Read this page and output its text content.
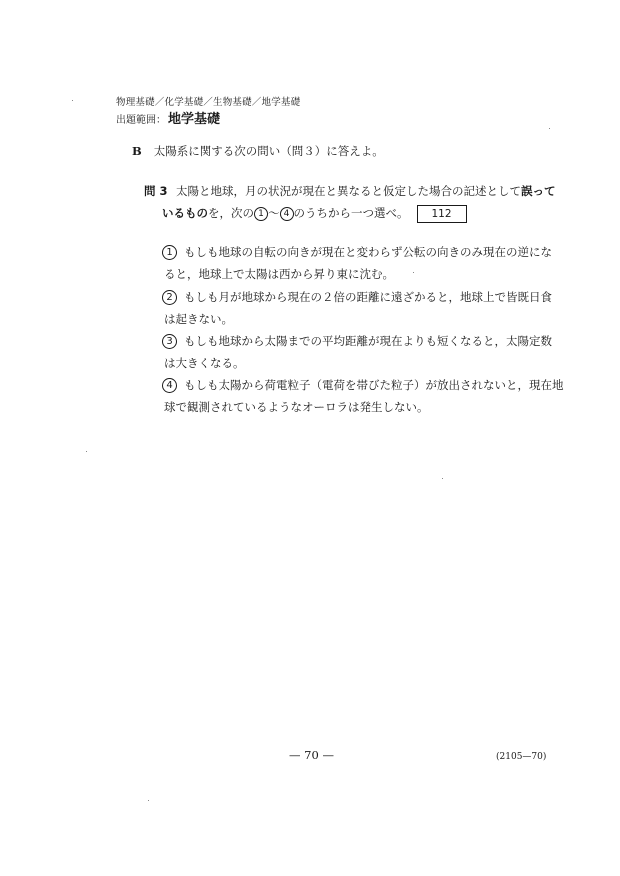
物理基礎／化学基礎／生物基礎／地学基礎
出題範囲： 地学基礎
B 太陽系に関する次の問い（問３）に答えよ。
問 3 太陽と地球，月の状況が現在と異なると仮定した場合の記述として誤って
いるものを，次の 1 〜 4 のうちから一つ選べ。 112
1 もしも地球の自転の向きが現在と変わらず公転の向きのみ現在の逆にな
ると，地球上で太陽は西から昇り東に沈む。
2 もしも月が地球から現在の２倍の距離に遠ざかると，地球上で皆既日食
は起きない。
3 もしも地球から太陽までの平均距離が現在よりも短くなると，太陽定数
は大きくなる。
4 もしも太陽から荷電粒子（電荷を帯びた粒子）が放出されないと，現在地
球で観測されているようなオーロラは発生しない。
— 70 —	(2105—70)
